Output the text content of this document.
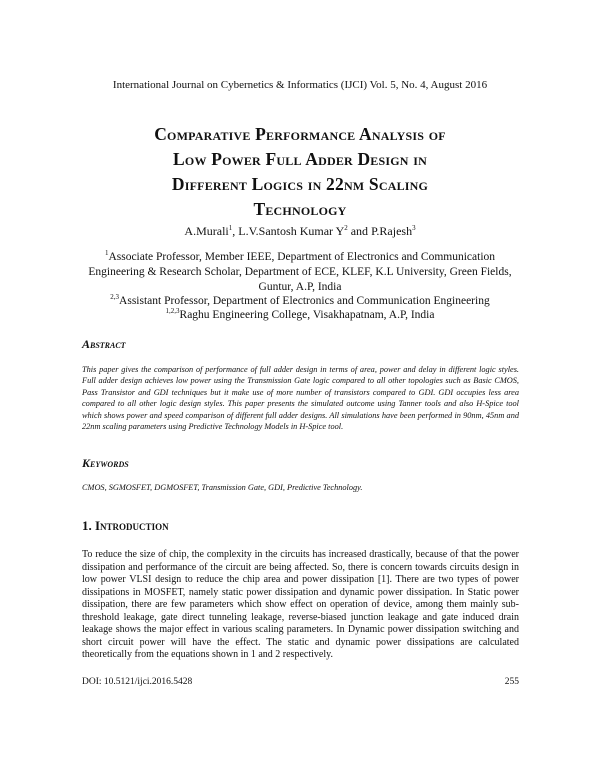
International Journal on Cybernetics & Informatics (IJCI) Vol. 5, No. 4, August 2016
Comparative Performance Analysis of
Low Power Full Adder Design in
Different Logics in 22nm Scaling
Technology
A.Murali$^1$, L.V.Santosh Kumar $Y^2$ and P.Rajesh$^3$
$^1$Associate Professor, Member IEEE, Department of Electronics and Communication Engineering & Research Scholar, Department of ECE, KLEF, K.L University, Green Fields, Guntur, A.P, India
$^{2,3}$Assistant Professor, Department of Electronics and Communication Engineering
$^{1,2,3}$Raghu Engineering College, Visakhapatnam, A.P, India
Abstract
This paper gives the comparison of performance of full adder design in terms of area, power and delay in different logic styles. Full adder design achieves low power using the Transmission Gate logic compared to all other topologies such as Basic CMOS, Pass Transistor and GDI techniques but it make use of more number of transistors compared to GDI. GDI occupies less area compared to all other logic design styles. This paper presents the simulated outcome using Tanner tools and also H-Spice tool which shows power and speed comparison of different full adder designs. All simulations have been performed in 90nm, 45nm and 22nm scaling parameters using Predictive Technology Models in H-Spice tool.
Keywords
CMOS, SGMOSFET, DGMOSFET, Transmission Gate, GDI, Predictive Technology.
1. Introduction
To reduce the size of chip, the complexity in the circuits has increased drastically, because of that the power dissipation and performance of the circuit are being affected. So, there is concern towards circuits design in low power VLSI design to reduce the chip area and power dissipation [1]. There are two types of power dissipations in MOSFET, namely static power dissipation and dynamic power dissipation. In Static power dissipation, there are few parameters which show effect on operation of device, among them mainly sub-threshold leakage, gate direct tunneling leakage, reverse-biased junction leakage and gate induced drain leakage shows the major effect in various scaling parameters. In Dynamic power dissipation switching and short circuit power will have the effect. The static and dynamic power dissipations are calculated theoretically from the equations shown in 1 and 2 respectively.
DOI: 10.5121/ijci.2016.5428	255
